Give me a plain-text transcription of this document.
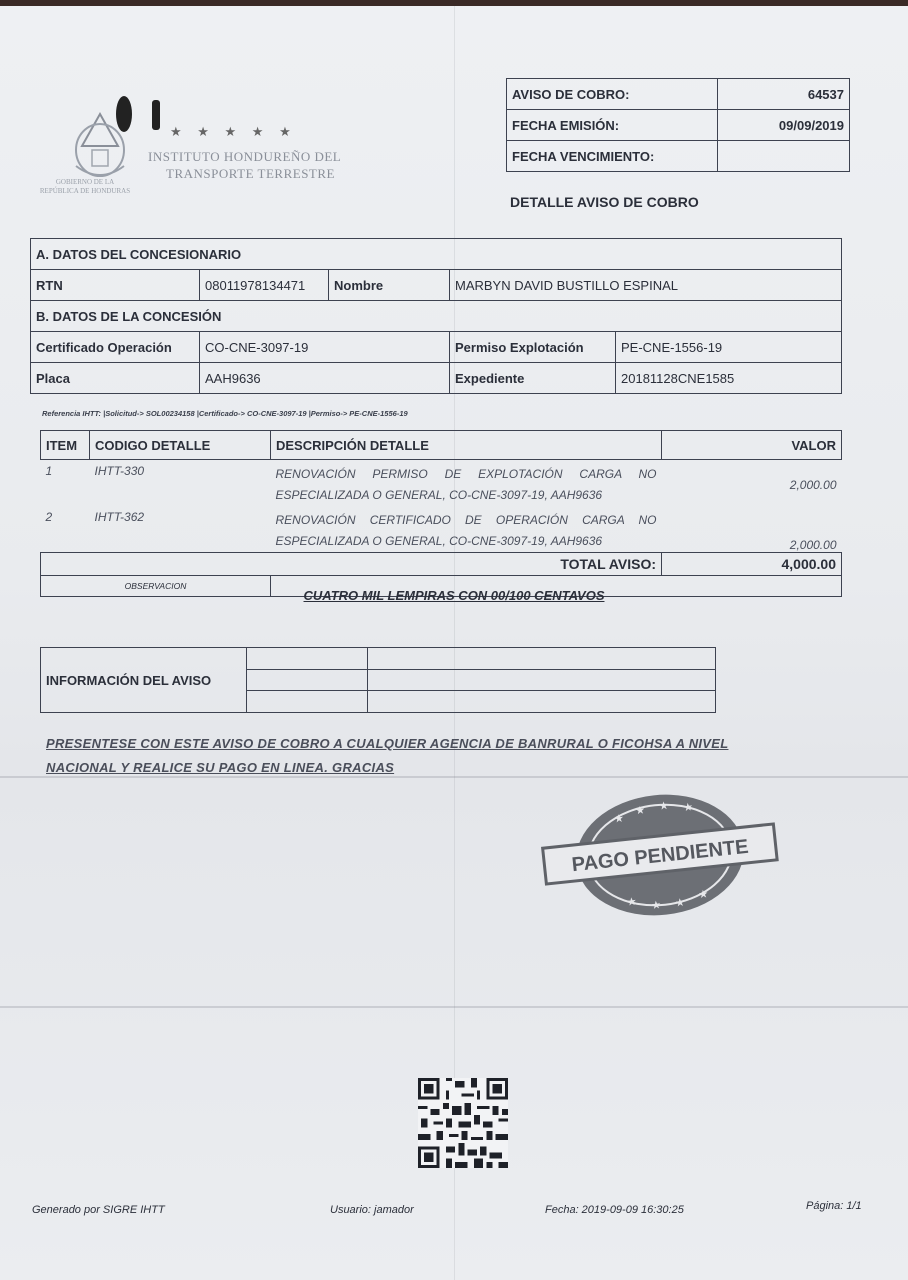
★ ★ ★ ★ ★
INSTITUTO HONDUREÑO DEL
TRANSPORTE TERRESTRE
GOBIERNO DE LA
REPÚBLICA DE HONDURAS
AVISO DE COBRO:	64537
FECHA EMISIÓN:	09/09/2019
FECHA VENCIMIENTO:	
DETALLE AVISO DE COBRO
A. DATOS DEL CONCESIONARIO				
RTN	08011978134471	Nombre	MARBYN DAVID BUSTILLO ESPINAL	
B. DATOS DE LA CONCESIÓN				
Certificado Operación	CO-CNE-3097-19		Permiso Explotación	PE-CNE-1556-19
Placa	AAH9636		Expediente	20181128CNE1585
Referencia IHTT: |Solicitud-> SOL00234158 |Certificado-> CO-CNE-3097-19 |Permiso-> PE-CNE-1556-19
ITEM	CODIGO DETALLE	DESCRIPCIÓN DETALLE	VALOR
1	IHTT-330	RENOVACIÓN PERMISO DE EXPLOTACIÓN CARGA NO ESPECIALIZADA O GENERAL, CO-CNE-3097-19, AAH9636	2,000.00
2	IHTT-362	RENOVACIÓN CERTIFICADO DE OPERACIÓN CARGA NO ESPECIALIZADA O GENERAL, CO-CNE-3097-19, AAH9636	2,000.00
TOTAL AVISO:			4,000.00
OBSERVACION			
CUATRO MIL LEMPIRAS CON 00/100 CENTAVOS
INFORMACIÓN DEL AVISO		

PRESENTESE CON ESTE AVISO DE COBRO A CUALQUIER AGENCIA DE BANRURAL O FICOHSA A NIVEL
NACIONAL Y REALICE SU PAGO EN LINEA. GRACIAS
★
★ ★ ★
★ ★ ★
★
PAGO PENDIENTE
Generado por SIGRE IHTT	Usuario: jamador	Fecha: 2019-09-09 16:30:25	Página: 1/1
